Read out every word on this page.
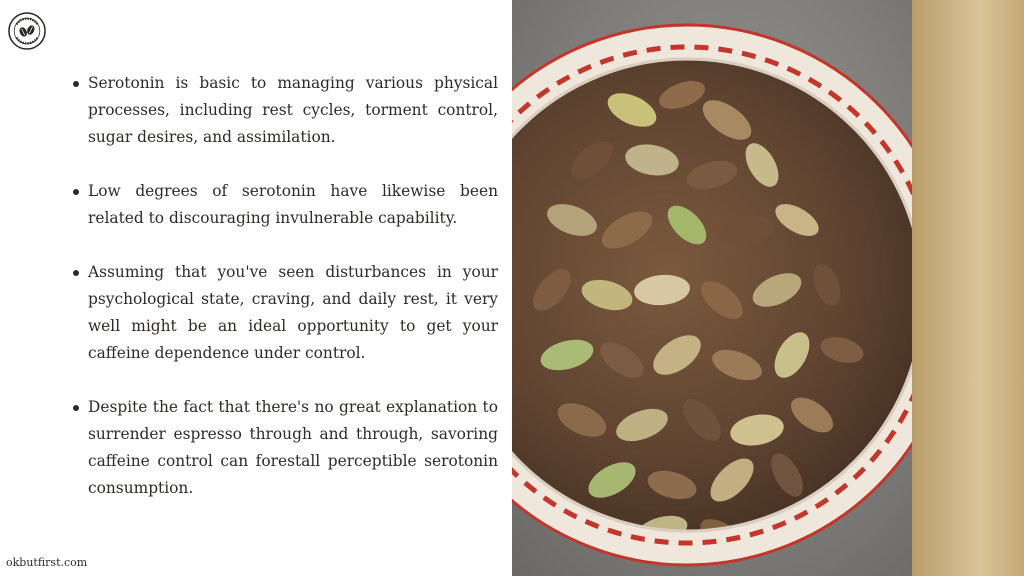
Serotonin is basic to managing various physical processes, including rest cycles, torment control, sugar desires, and assimilation.
Low degrees of serotonin have likewise been related to discouraging invulnerable capability.
Assuming that you've seen disturbances in your psychological state, craving, and daily rest, it very well might be an ideal opportunity to get your caffeine dependence under control.
Despite the fact that there's no great explanation to surrender espresso through and through, savoring caffeine control can forestall perceptible serotonin consumption.
okbutfirst.com
